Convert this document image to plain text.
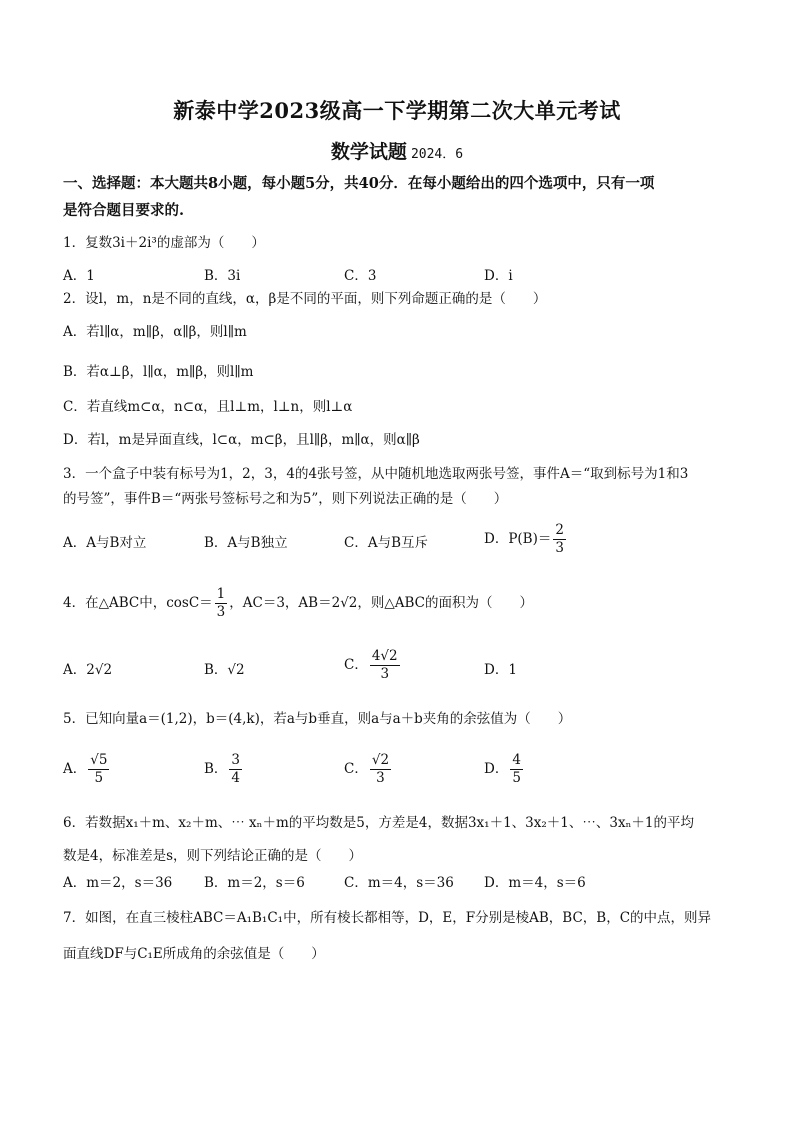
新泰中学2023级高一下学期第二次大单元考试
数学试题 2024．6
一、选择题：本大题共8小题，每小题5分，共40分．在每小题给出的四个选项中，只有一项
是符合题目要求的.
1．复数3i＋2i³的虚部为（　　）
A．1	B．3i	C．3	D．i
2．设l，m，n是不同的直线，α，β是不同的平面，则下列命题正确的是（　　）
A．若l∥α，m∥β，α∥β，则l∥m
B．若α⊥β，l∥α，m∥β，则l∥m
C．若直线m⊂α，n⊂α，且l⊥m，l⊥n，则l⊥α
D．若l，m是异面直线，l⊂α，m⊂β，且l∥β，m∥α，则α∥β
3．一个盒子中装有标号为1，2，3，4的4张号签，从中随机地选取两张号签，事件A＝“取到标号为1和3
的号签”，事件B＝“两张号签标号之和为5”，则下列说法正确的是（　　）
A．A与B对立	B．A与B独立	C．A与B互斥	D．$P(B)= \frac{2}{3}$
4．在△ABC中，$\cos C= \frac{1}{3}$ ，AC＝3，AB＝2√2，则△ABC的面积为（　　）
A．2√2	B．√2	C． $\frac{4√2}{3}$	D．1
5．已知向量a＝(1,2)，b＝(4,k)，若a与b垂直，则a与a＋b夹角的余弦值为（　　）
A． $\frac{√5}{5}$	B． $\frac{3}{4}$	C． $\frac{√2}{3}$	D． $\frac{4}{5}$
6．若数据x₁＋m、x₂＋m、⋯ xₙ＋m的平均数是5，方差是4，数据3x₁＋1、3x₂＋1、⋯、3xₙ＋1的平均
数是4，标准差是s，则下列结论正确的是（　　）
A．m＝2，s＝36 B．m＝2，s＝6	C．m＝4，s＝36 D．m＝4，s＝6
7．如图，在直三棱柱ABC＝A₁B₁C₁中，所有棱长都相等，D，E，F分别是棱AB，BC，B，C的中点，则异
面直线DF与C₁E所成角的余弦值是（　　）
